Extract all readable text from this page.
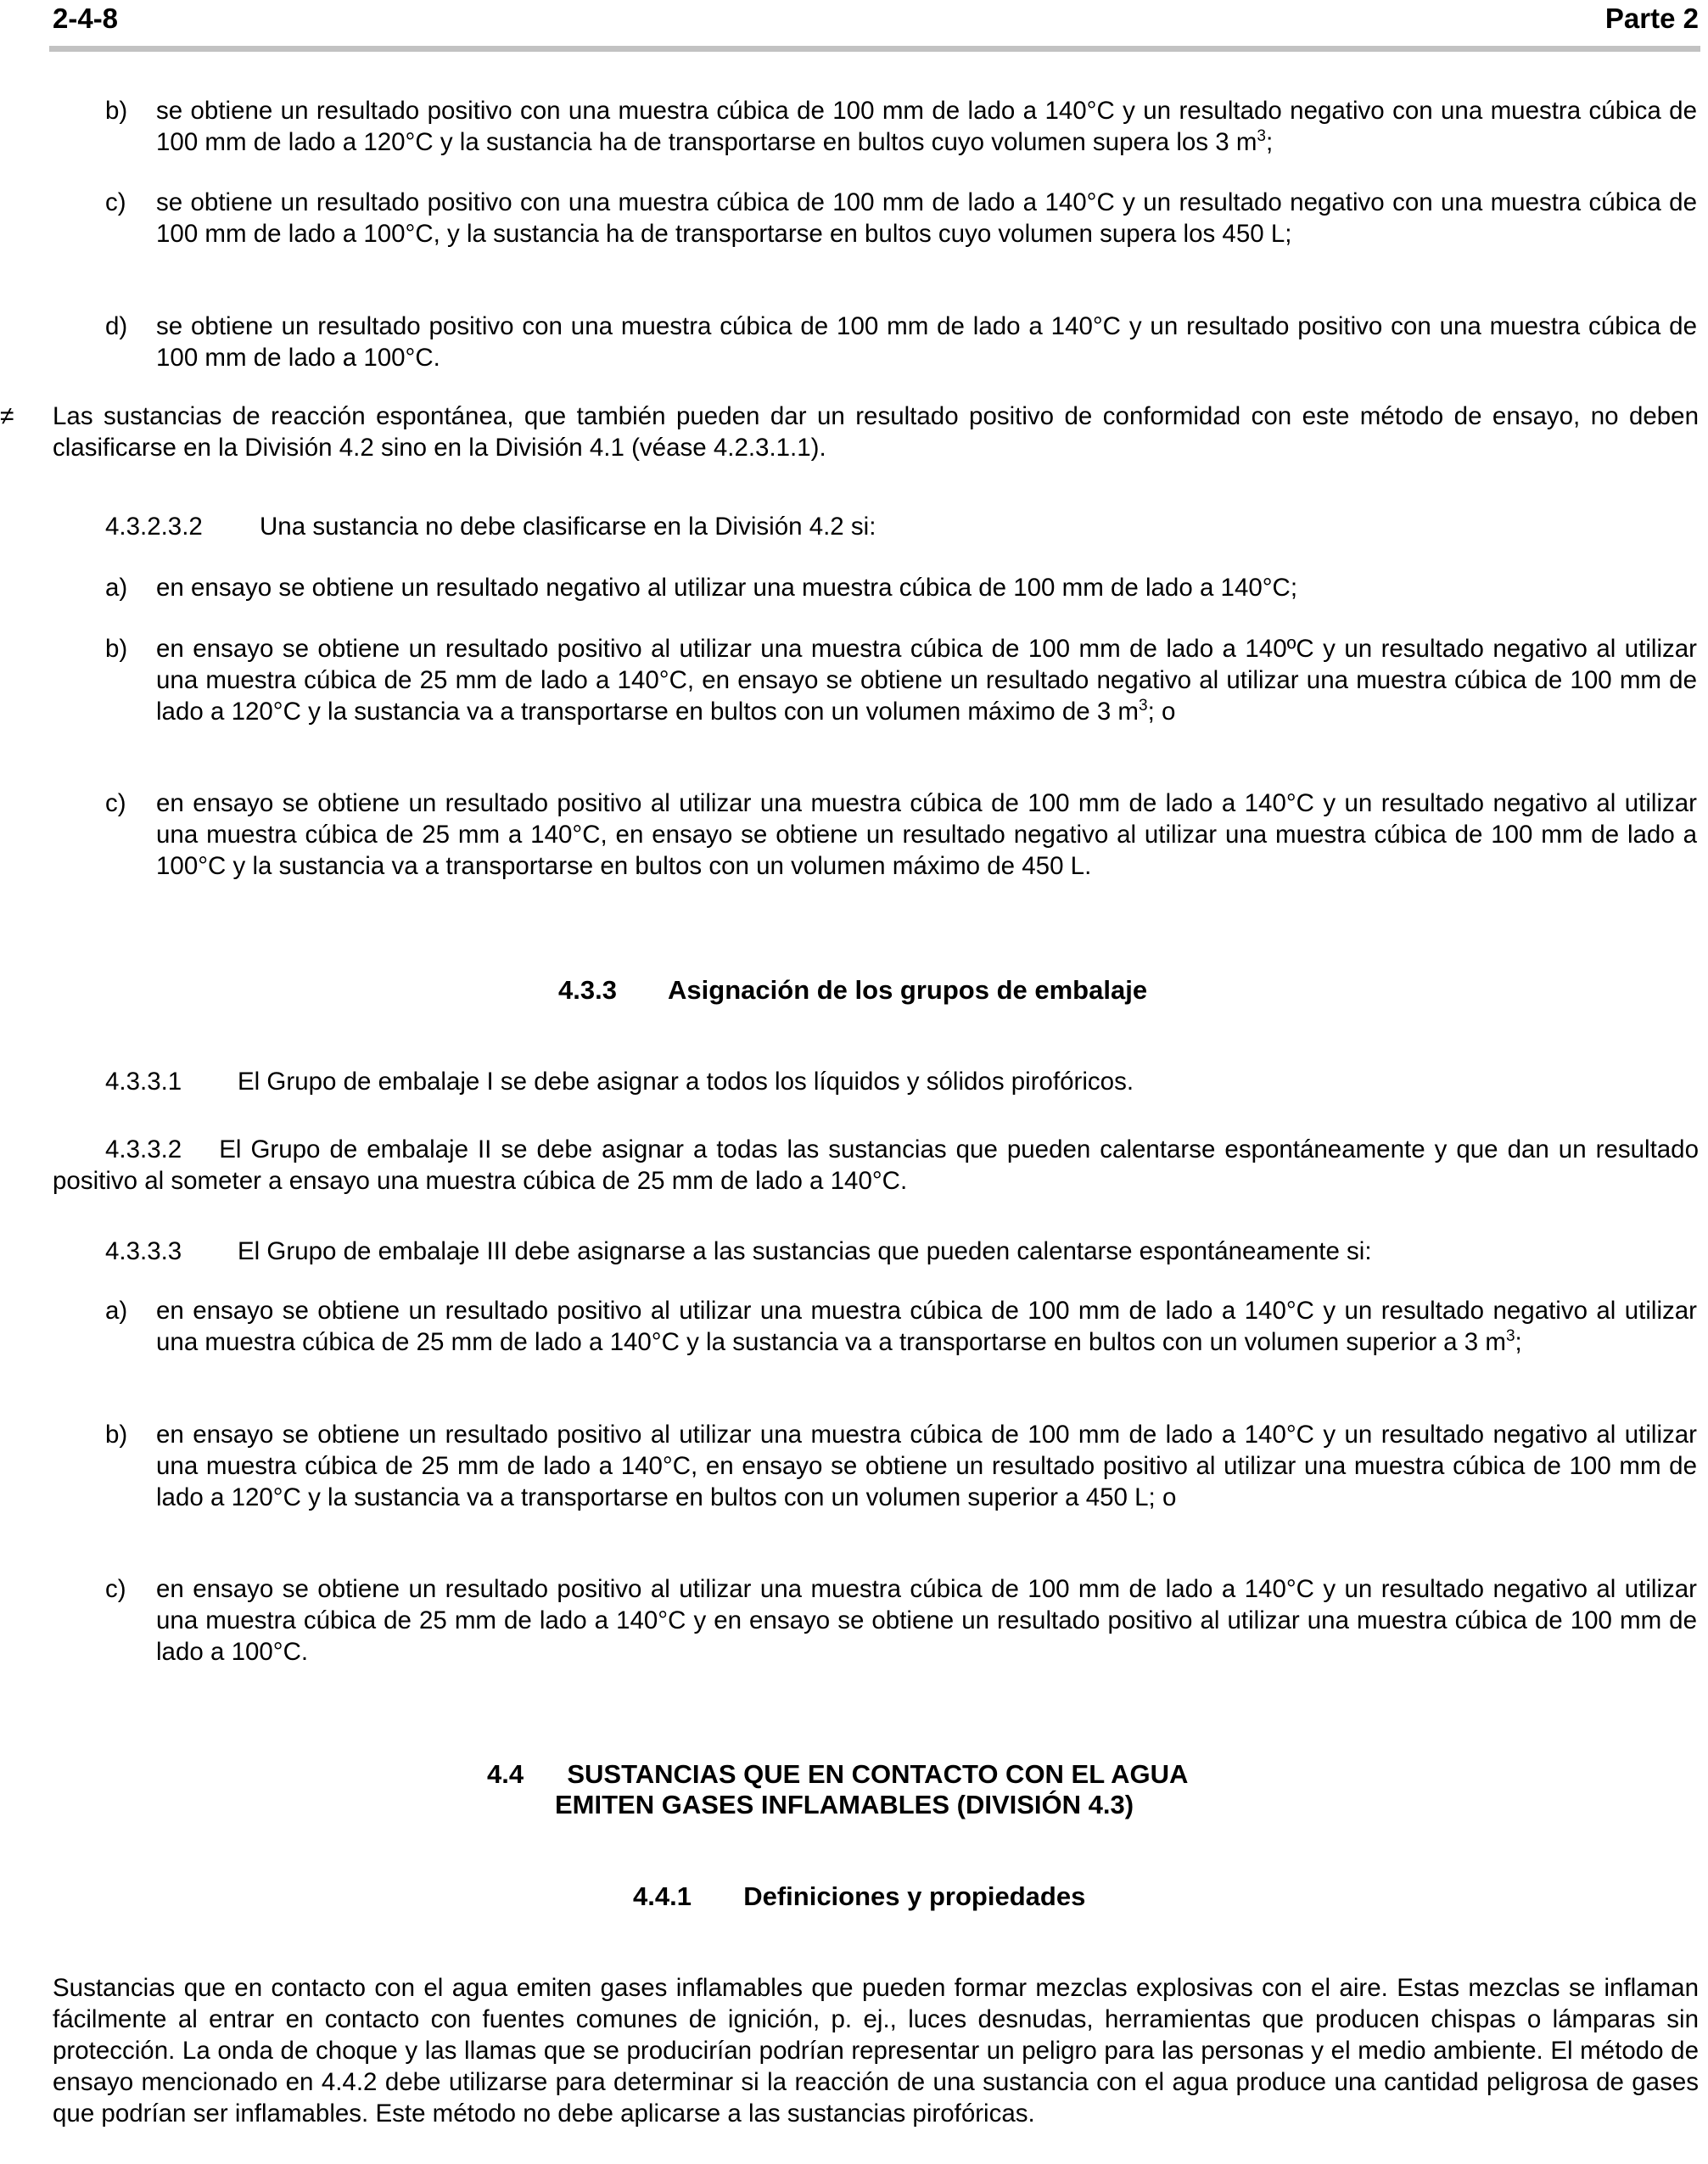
2-4-8	Parte 2
b) se obtiene un resultado positivo con una muestra cúbica de 100 mm de lado a 140°C y un resultado negativo con una muestra cúbica de 100 mm de lado a 120°C y la sustancia ha de transportarse en bultos cuyo volumen supera los 3 $m^3$;
c) se obtiene un resultado positivo con una muestra cúbica de 100 mm de lado a 140°C y un resultado negativo con una muestra cúbica de 100 mm de lado a 100°C, y la sustancia ha de transportarse en bultos cuyo volumen supera los 450 L;
d) se obtiene un resultado positivo con una muestra cúbica de 100 mm de lado a 140°C y un resultado positivo con una muestra cúbica de 100 mm de lado a 100°C.
≠ Las sustancias de reacción espontánea, que también pueden dar un resultado positivo de conformidad con este método de ensayo, no deben clasificarse en la División 4.2 sino en la División 4.1 (véase 4.2.3.1.1).
4.3.2.3.2 Una sustancia no debe clasificarse en la División 4.2 si:
a) en ensayo se obtiene un resultado negativo al utilizar una muestra cúbica de 100 mm de lado a 140°C;
b) en ensayo se obtiene un resultado positivo al utilizar una muestra cúbica de 100 mm de lado a 140ºC y un resultado negativo al utilizar una muestra cúbica de 25 mm de lado a 140°C, en ensayo se obtiene un resultado negativo al utilizar una muestra cúbica de 100 mm de lado a 120°C y la sustancia va a transportarse en bultos con un volumen máximo de 3 $m^3$; o
c) en ensayo se obtiene un resultado positivo al utilizar una muestra cúbica de 100 mm de lado a 140°C y un resultado negativo al utilizar una muestra cúbica de 25 mm a 140°C, en ensayo se obtiene un resultado negativo al utilizar una muestra cúbica de 100 mm de lado a 100°C y la sustancia va a transportarse en bultos con un volumen máximo de 450 L.
4.3.3 Asignación de los grupos de embalaje
4.3.3.1 El Grupo de embalaje I se debe asignar a todos los líquidos y sólidos pirofóricos.
4.3.3.2 El Grupo de embalaje II se debe asignar a todas las sustancias que pueden calentarse espontáneamente y que dan un resultado positivo al someter a ensayo una muestra cúbica de 25 mm de lado a 140°C.
4.3.3.3 El Grupo de embalaje III debe asignarse a las sustancias que pueden calentarse espontáneamente si:
a) en ensayo se obtiene un resultado positivo al utilizar una muestra cúbica de 100 mm de lado a 140°C y un resultado negativo al utilizar una muestra cúbica de 25 mm de lado a 140°C y la sustancia va a transportarse en bultos con un volumen superior a 3 $m^3$;
b) en ensayo se obtiene un resultado positivo al utilizar una muestra cúbica de 100 mm de lado a 140°C y un resultado negativo al utilizar una muestra cúbica de 25 mm de lado a 140°C, en ensayo se obtiene un resultado positivo al utilizar una muestra cúbica de 100 mm de lado a 120°C y la sustancia va a transportarse en bultos con un volumen superior a 450 L; o
c) en ensayo se obtiene un resultado positivo al utilizar una muestra cúbica de 100 mm de lado a 140°C y un resultado negativo al utilizar una muestra cúbica de 25 mm de lado a 140°C y en ensayo se obtiene un resultado positivo al utilizar una muestra cúbica de 100 mm de lado a 100°C.
4.4 SUSTANCIAS QUE EN CONTACTO CON EL AGUA
EMITEN GASES INFLAMABLES (DIVISIÓN 4.3)
4.4.1 Definiciones y propiedades
Sustancias que en contacto con el agua emiten gases inflamables que pueden formar mezclas explosivas con el aire. Estas mezclas se inflaman fácilmente al entrar en contacto con fuentes comunes de ignición, p. ej., luces desnudas, herramientas que producen chispas o lámparas sin protección. La onda de choque y las llamas que se producirían podrían representar un peligro para las personas y el medio ambiente. El método de ensayo mencionado en 4.4.2 debe utilizarse para determinar si la reacción de una sustancia con el agua produce una cantidad peligrosa de gases que podrían ser inflamables. Este método no debe aplicarse a las sustancias pirofóricas.
